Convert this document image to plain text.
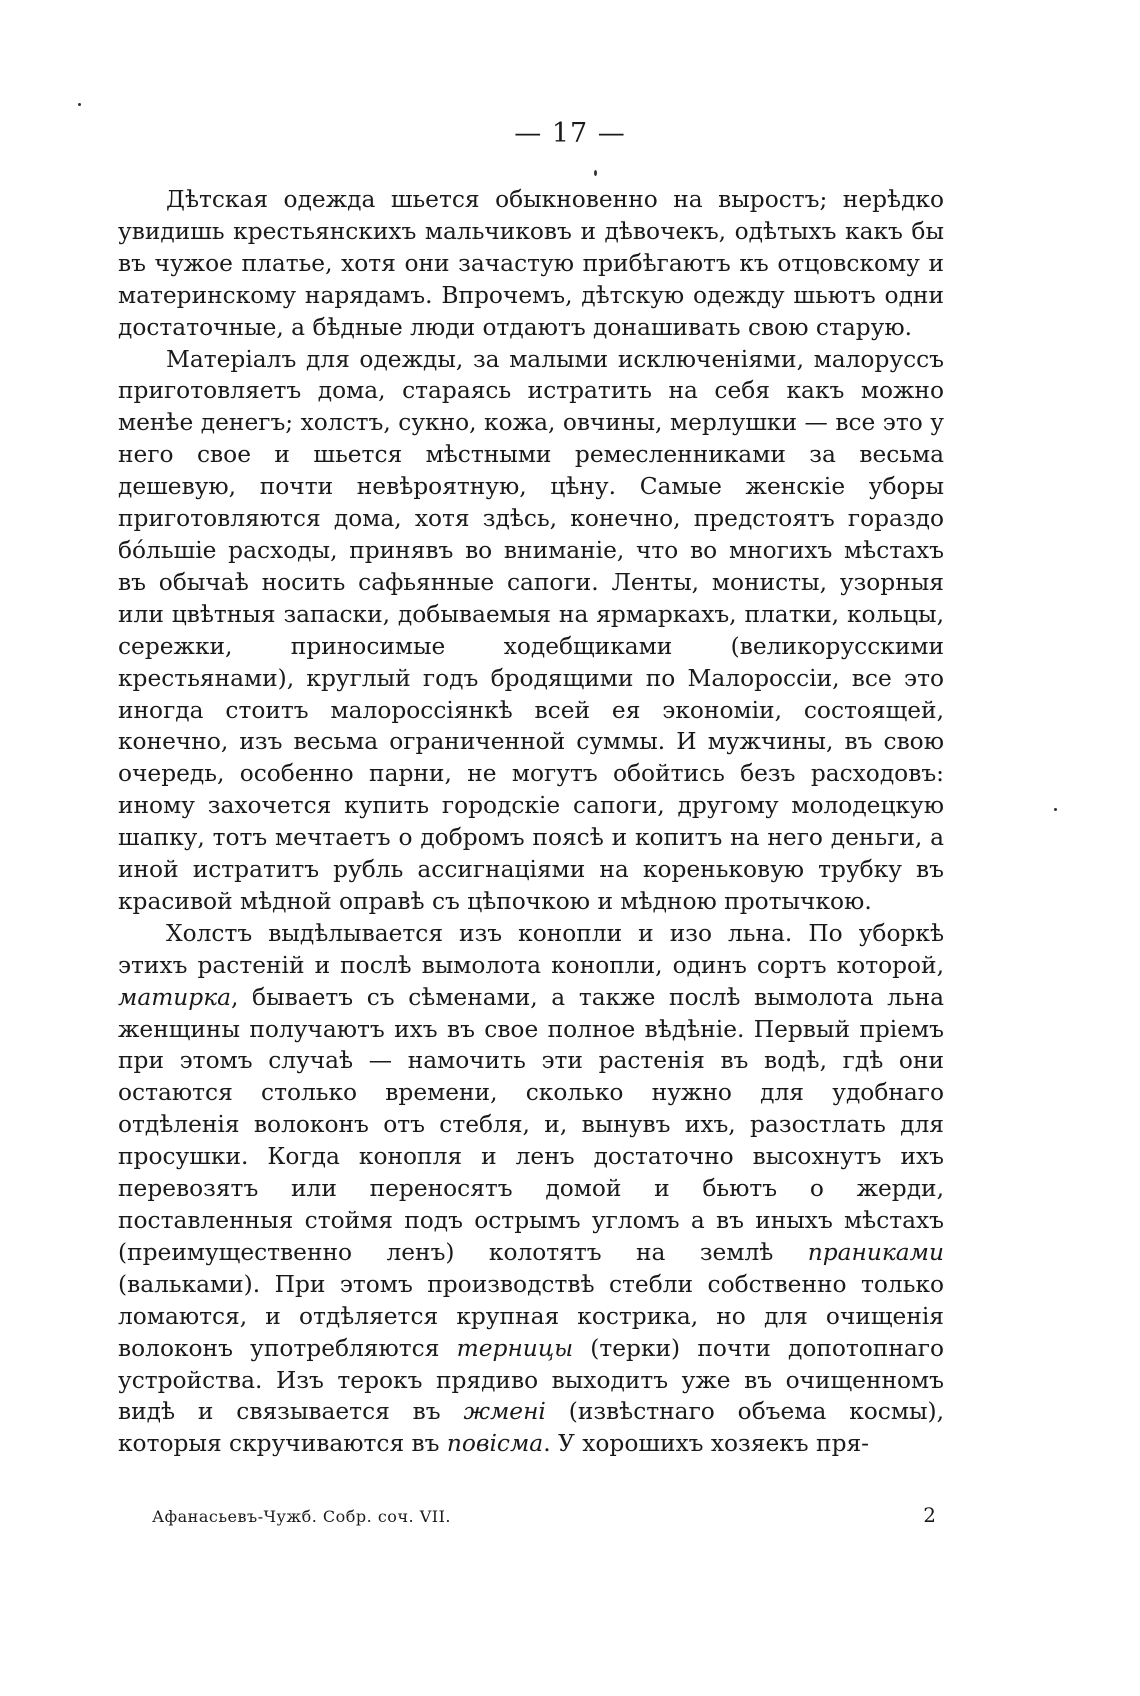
— 17 —

Дѣтская одежда шьется обыкновенно на выростъ; нерѣдко увидишь крестьянскихъ мальчиковъ и дѣвочекъ, одѣтыхъ какъ бы въ чужое платье, хотя они зачастую прибѣгаютъ къ отцовскому и материнскому нарядамъ. Впрочемъ, дѣтскую одежду шьютъ одни достаточные, а бѣдные люди отдаютъ донашивать свою старую.

Матеріалъ для одежды, за малыми исключеніями, малоруссъ приготовляетъ дома, стараясь истратить на себя какъ можно менѣе денегъ; холстъ, сукно, кожа, овчины, мерлушки — все это у него свое и шьется мѣстными ремесленниками за весьма дешевую, почти невѣроятную, цѣну. Самые женскіе уборы приготовляются дома, хотя здѣсь, конечно, предстоятъ гораздо бо́льшіе расходы, принявъ во вниманіе, что во многихъ мѣстахъ въ обычаѣ носить сафьянные сапоги. Ленты, монисты, узорныя или цвѣтныя запаски, добываемыя на ярмаркахъ, платки, кольцы, сережки, приносимые ходебщиками (великорусскими крестьянами), круглый годъ бродящими по Малороссіи, все это иногда стоитъ малороссіянкѣ всей ея экономіи, состоящей, конечно, изъ весьма ограниченной суммы. И мужчины, въ свою очередь, особенно парни, не могутъ обойтись безъ расходовъ: иному захочется купить городскіе сапоги, другому молодецкую шапку, тотъ мечтаетъ о добромъ поясѣ и копитъ на него деньги, а иной истратитъ рубль ассигнаціями на кореньковую трубку въ красивой мѣдной оправѣ съ цѣпочкою и мѣдною протычкою.

Холстъ выдѣлывается изъ конопли и изо льна. По уборкѣ этихъ растеній и послѣ вымолота конопли, одинъ сортъ которой, матирка, бываетъ съ сѣменами, а также послѣ вымолота льна женщины получаютъ ихъ въ свое полное вѣдѣніе. Первый пріемъ при этомъ случаѣ — намочить эти растенія въ водѣ, гдѣ они остаются столько времени, сколько нужно для удобнаго отдѣленія волоконъ отъ стебля, и, вынувъ ихъ, разостлать для просушки. Когда конопля и ленъ достаточно высохнутъ ихъ перевозятъ или переносятъ домой и бьютъ о жерди, поставленныя стоймя подъ острымъ угломъ а въ иныхъ мѣстахъ (преимущественно ленъ) колотятъ на землѣ праниками (вальками). При этомъ производствѣ стебли собственно только ломаются, и отдѣляется крупная кострика, но для очищенія волоконъ употребляются терницы (терки) почти допотопнаго устройства. Изъ терокъ прядиво выходитъ уже въ очищенномъ видѣ и связывается въ жмені (извѣстнаго объема космы), которыя скручиваются въ повісма. У хорошихъ хозяекъ пря-

Афанасьевъ-Чужб. Собр. соч. VII.	2
